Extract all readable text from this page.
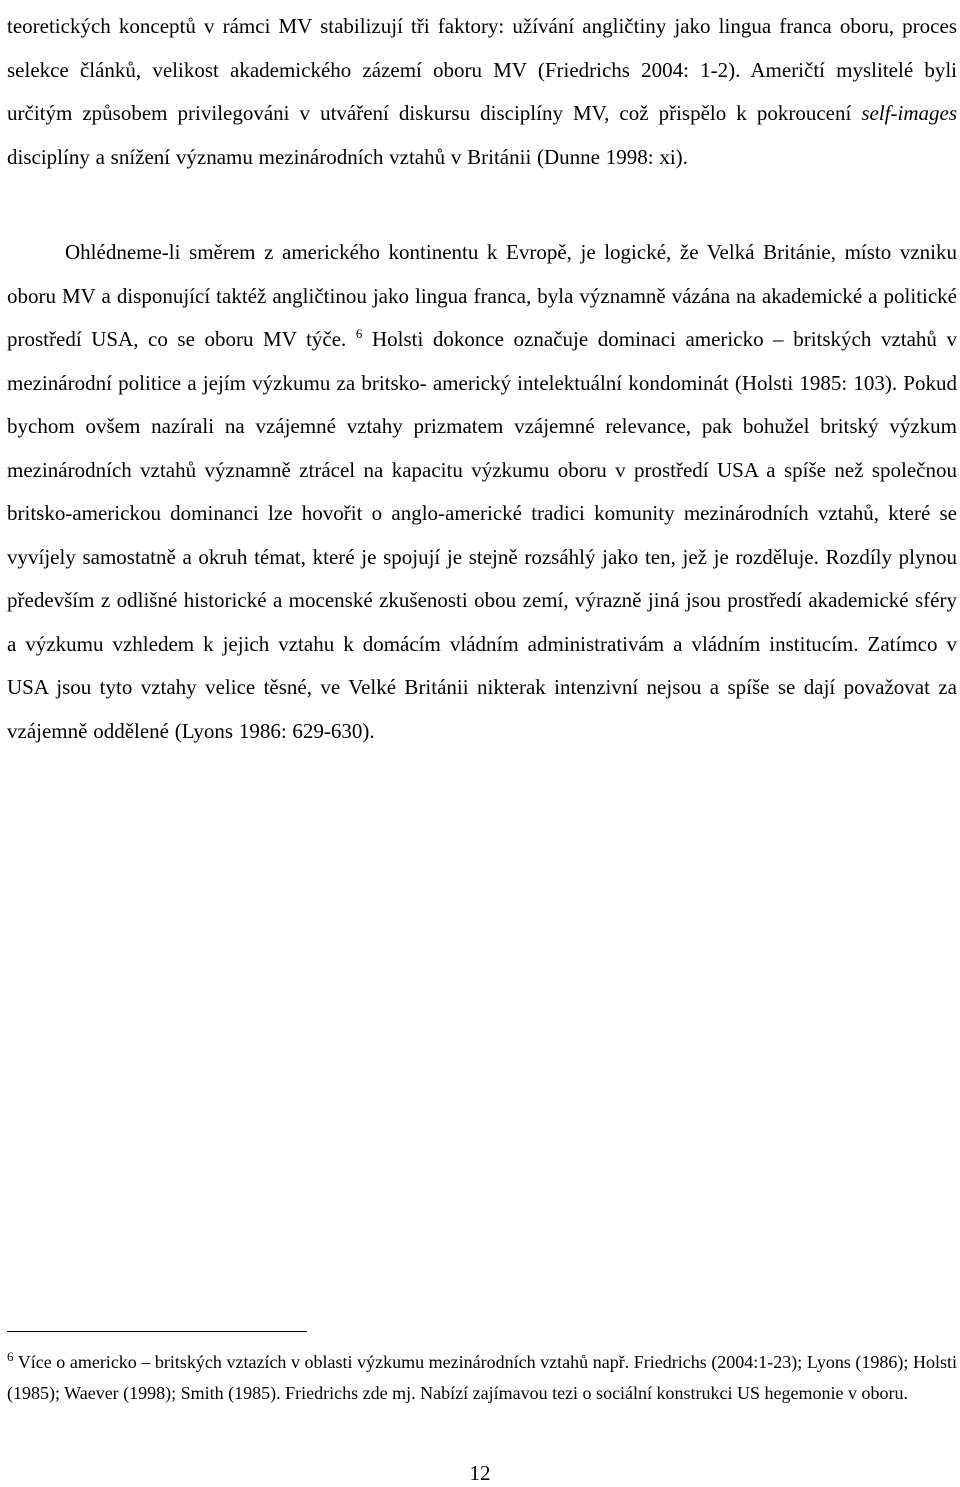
teoretických konceptů v rámci MV stabilizují tři faktory: užívání angličtiny jako lingua franca oboru, proces selekce článků, velikost akademického zázemí oboru MV (Friedrichs 2004: 1-2). Američtí myslitelé byli určitým způsobem privilegováni v utváření diskursu disciplíny MV, což přispělo k pokroucení self-images disciplíny a snížení významu mezinárodních vztahů v Británii (Dunne 1998: xi).

Ohlédneme-li směrem z amerického kontinentu k Evropě, je logické, že Velká Británie, místo vzniku oboru MV a disponující taktéž angličtinou jako lingua franca, byla významně vázána na akademické a politické prostředí USA, co se oboru MV týče. $^6$ Holsti dokonce označuje dominaci americko – britských vztahů v mezinárodní politice a jejím výzkumu za britsko- americký intelektuální kondominát (Holsti 1985: 103). Pokud bychom ovšem nazírali na vzájemné vztahy prizmatem vzájemné relevance, pak bohužel britský výzkum mezinárodních vztahů významně ztrácel na kapacitu výzkumu oboru v prostředí USA a spíše než společnou britsko-americkou dominanci lze hovořit o anglo-americké tradici komunity mezinárodních vztahů, které se vyvíjely samostatně a okruh témat, které je spojují je stejně rozsáhlý jako ten, jež je rozděluje. Rozdíly plynou především z odlišné historické a mocenské zkušenosti obou zemí, výrazně jiná jsou prostředí akademické sféry a výzkumu vzhledem k jejich vztahu k domácím vládním administrativám a vládním institucím. Zatímco v USA jsou tyto vztahy velice těsné, ve Velké Británii nikterak intenzivní nejsou a spíše se dají považovat za vzájemně oddělené (Lyons 1986: 629-630).

$^6$ Více o americko – britských vztazích v oblasti výzkumu mezinárodních vztahů např. Friedrichs (2004:1-23); Lyons (1986); Holsti (1985); Waever (1998); Smith (1985). Friedrichs zde mj. Nabízí zajímavou tezi o sociální konstrukci US hegemonie v oboru.

12
